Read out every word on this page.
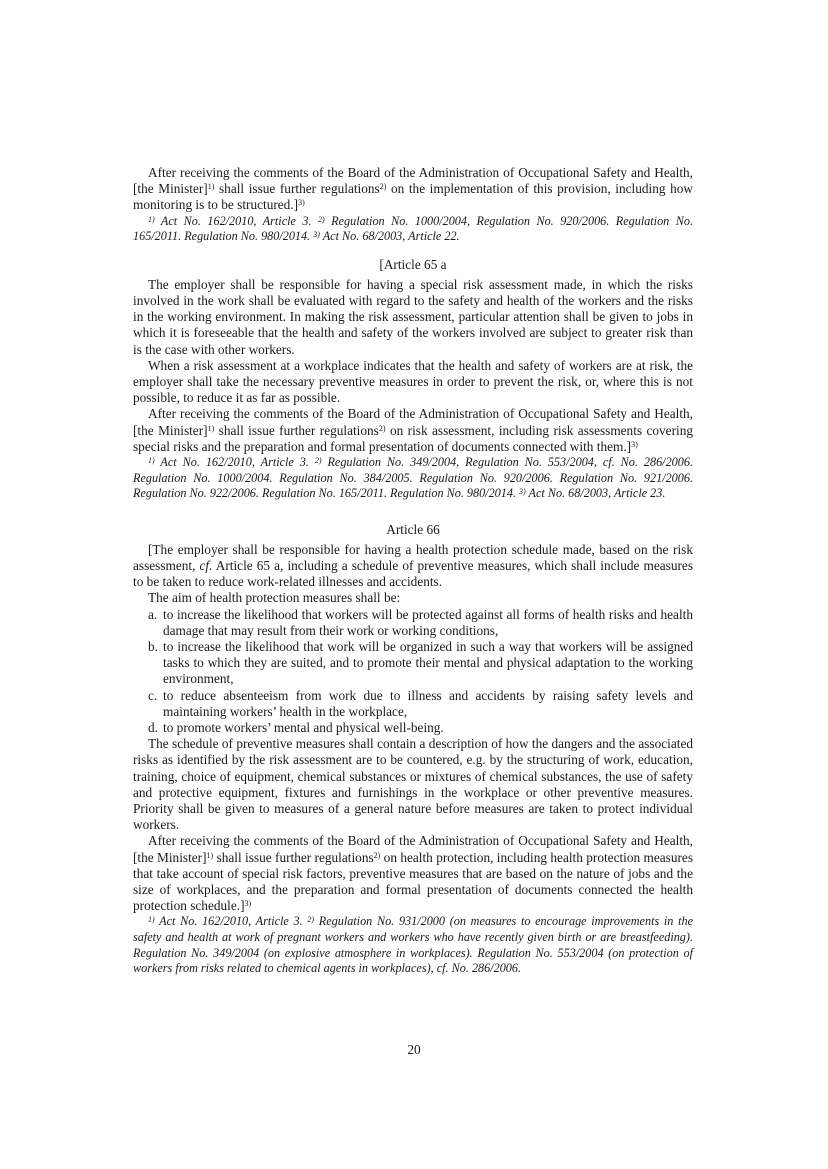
After receiving the comments of the Board of the Administration of Occupational Safety and Health, [the Minister]$^{1)}$ shall issue further regulations$^{2)}$ on the implementation of this provision, including how monitoring is to be structured.]$^{3)}$

$^{1)}$ Act No. 162/2010, Article 3. $^{2)}$ Regulation No. 1000/2004, Regulation No. 920/2006. Regulation No. 165/2011. Regulation No. 980/2014. $^{3)}$ Act No. 68/2003, Article 22.

[Article 65 a

The employer shall be responsible for having a special risk assessment made, in which the risks involved in the work shall be evaluated with regard to the safety and health of the workers and the risks in the working environment. In making the risk assessment, particular attention shall be given to jobs in which it is foreseeable that the health and safety of the workers involved are subject to greater risk than is the case with other workers.

When a risk assessment at a workplace indicates that the health and safety of workers are at risk, the employer shall take the necessary preventive measures in order to prevent the risk, or, where this is not possible, to reduce it as far as possible.

After receiving the comments of the Board of the Administration of Occupational Safety and Health, [the Minister]$^{1)}$ shall issue further regulations$^{2)}$ on risk assessment, including risk assessments covering special risks and the preparation and formal presentation of documents connected with them.]$^{3)}$

$^{1)}$ Act No. 162/2010, Article 3. $^{2)}$ Regulation No. 349/2004, Regulation No. 553/2004, cf. No. 286/2006. Regulation No. 1000/2004. Regulation No. 384/2005. Regulation No. 920/2006. Regulation No. 921/2006. Regulation No. 922/2006. Regulation No. 165/2011. Regulation No. 980/2014. $^{3)}$ Act No. 68/2003, Article 23.

Article 66

[The employer shall be responsible for having a health protection schedule made, based on the risk assessment, cf. Article 65 a, including a schedule of preventive measures, which shall include measures to be taken to reduce work-related illnesses and accidents.

The aim of health protection measures shall be:

a. to increase the likelihood that workers will be protected against all forms of health risks and health damage that may result from their work or working conditions,
b. to increase the likelihood that work will be organized in such a way that workers will be assigned tasks to which they are suited, and to promote their mental and physical adaptation to the working environment,
c. to reduce absenteeism from work due to illness and accidents by raising safety levels and maintaining workers’ health in the workplace,
d. to promote workers’ mental and physical well-being.

The schedule of preventive measures shall contain a description of how the dangers and the associated risks as identified by the risk assessment are to be countered, e.g. by the structuring of work, education, training, choice of equipment, chemical substances or mixtures of chemical substances, the use of safety and protective equipment, fixtures and furnishings in the workplace or other preventive measures. Priority shall be given to measures of a general nature before measures are taken to protect individual workers.

After receiving the comments of the Board of the Administration of Occupational Safety and Health, [the Minister]$^{1)}$ shall issue further regulations$^{2)}$ on health protection, including health protection measures that take account of special risk factors, preventive measures that are based on the nature of jobs and the size of workplaces, and the preparation and formal presentation of documents connected the health protection schedule.]$^{3)}$

$^{1)}$ Act No. 162/2010, Article 3. $^{2)}$ Regulation No. 931/2000 (on measures to encourage improvements in the safety and health at work of pregnant workers and workers who have recently given birth or are breastfeeding). Regulation No. 349/2004 (on explosive atmosphere in workplaces). Regulation No. 553/2004 (on protection of workers from risks related to chemical agents in workplaces), cf. No. 286/2006.

20
